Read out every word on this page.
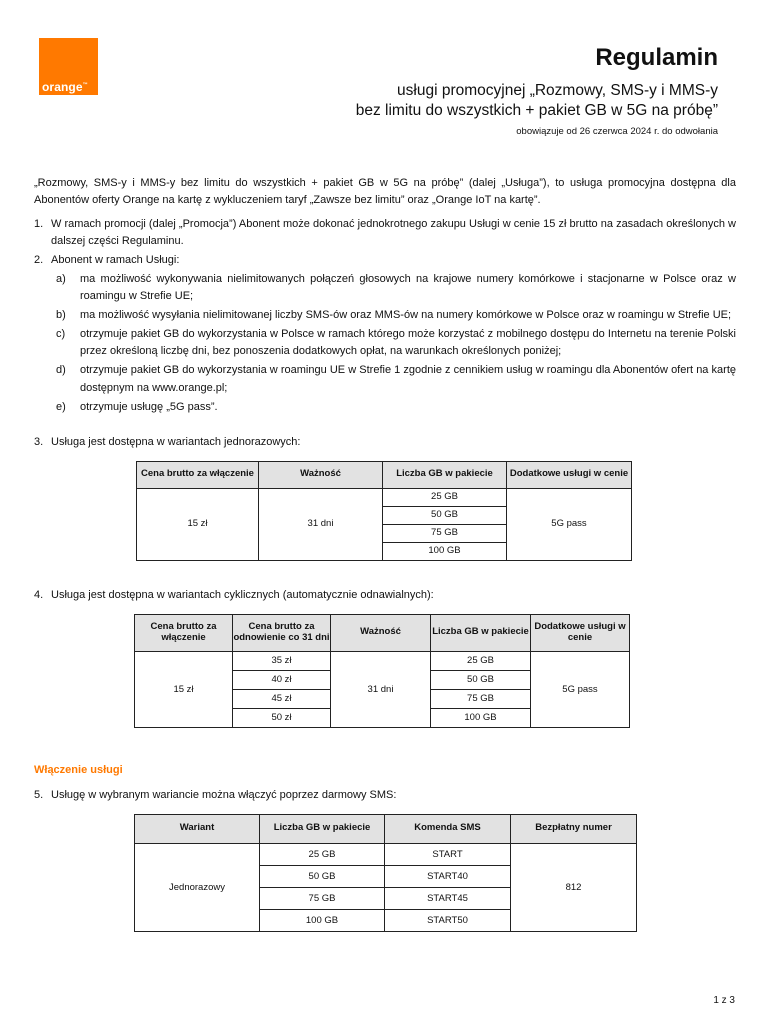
orange™
Regulamin
usługi promocyjnej „Rozmowy, SMS-y i MMS-y
bez limitu do wszystkich + pakiet GB w 5G na próbę”
obowiązuje od 26 czerwca 2024 r. do odwołania

„Rozmowy, SMS-y i MMS-y bez limitu do wszystkich + pakiet GB w 5G na próbę” (dalej „Usługa”), to usługa promocyjna dostępna dla Abonentów oferty Orange na kartę z wykluczeniem taryf „Zawsze bez limitu” oraz „Orange IoT na kartę”.

1. W ramach promocji (dalej „Promocja”) Abonent może dokonać jednokrotnego zakupu Usługi w cenie 15 zł brutto na zasadach określonych w dalszej części Regulaminu.
2. Abonent w ramach Usługi:
a)	ma możliwość wykonywania nielimitowanych połączeń głosowych na krajowe numery komórkowe i stacjonarne w Polsce oraz w roamingu w Strefie UE;
b)	ma możliwość wysyłania nielimitowanej liczby SMS-ów oraz MMS-ów na numery komórkowe w Polsce oraz w roamingu w Strefie UE;
c)	otrzymuje pakiet GB do wykorzystania w Polsce w ramach którego może korzystać z mobilnego dostępu do Internetu na terenie Polski przez określoną liczbę dni, bez ponoszenia dodatkowych opłat, na warunkach określonych poniżej;
d)	otrzymuje pakiet GB do wykorzystania w roamingu UE w Strefie 1 zgodnie z cennikiem usług w roamingu dla Abonentów ofert na kartę dostępnym na www.orange.pl;
e)	otrzymuje usługę „5G pass”.
3. Usługa jest dostępna w wariantach jednorazowych:
Cena brutto za włączenie	Ważność	Liczba GB w pakiecie	Dodatkowe usługi w cenie
15 zł	31 dni	25 GB	5G pass
		50 GB	
		75 GB	
		100 GB	
4. Usługa jest dostępna w wariantach cyklicznych (automatycznie odnawialnych):
Cena brutto za włączenie	Cena brutto za odnowienie co 31 dni	Ważność	Liczba GB w pakiecie	Dodatkowe usługi w cenie
15 zł	35 zł	31 dni	25 GB	5G pass
	40 zł		50 GB	
	45 zł		75 GB	
	50 zł		100 GB	

Włączenie usługi

5. Usługę w wybranym wariancie można włączyć poprzez darmowy SMS:
Wariant	Liczba GB w pakiecie	Komenda SMS	Bezpłatny numer
Jednorazowy	25 GB	START	812
	50 GB	START40	
	75 GB	START45	
	100 GB	START50	
1 z 3
